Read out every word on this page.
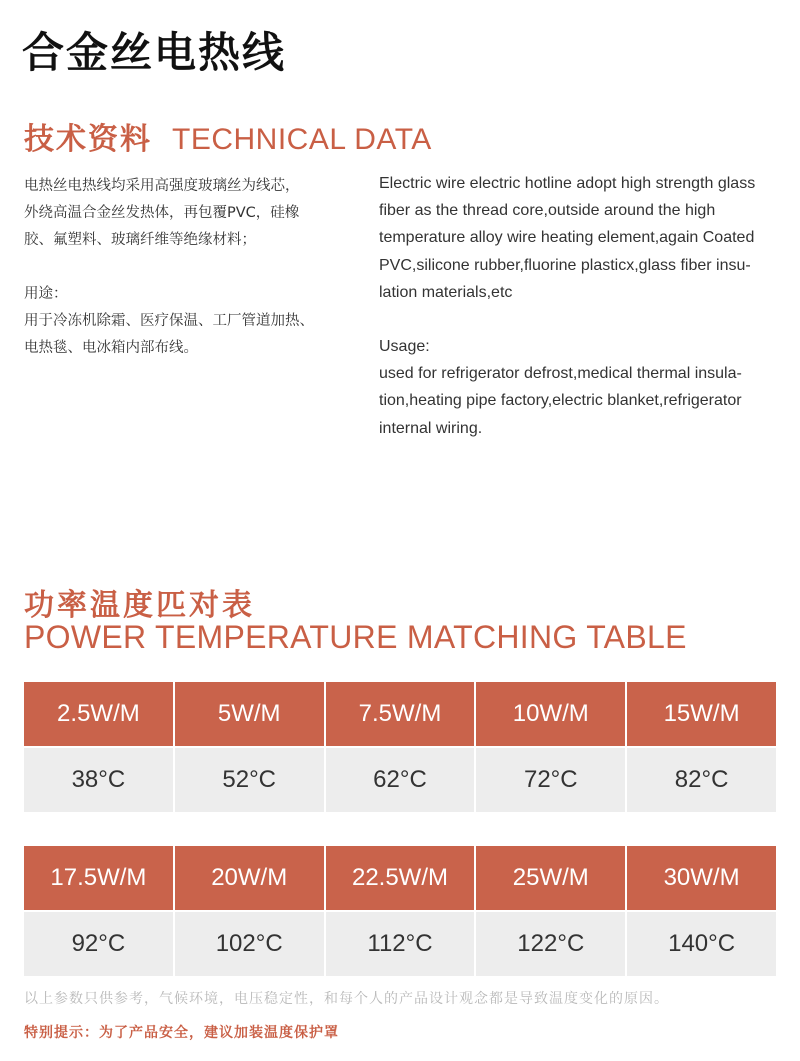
合金丝电热线
技术资料 TECHNICAL DATA

电热丝电热线均采用高强度玻璃丝为线芯，

外绕高温合金丝发热体，再包覆PVC，硅橡

胶、氟塑料、玻璃纤维等绝缘材料；

用途：

用于冷冻机除霜、医疗保温、工厂管道加热、

电热毯、电冰箱内部布线。

Electric wire electric hotline adopt high strength glass

fiber as the thread core,outside around the high

temperature alloy wire heating element,again Coated

PVC,silicone rubber,fluorine plasticx,glass fiber insu-

lation materials,etc

Usage:

used for refrigerator defrost,medical thermal insula-

tion,heating pipe factory,electric blanket,refrigerator

internal wiring.

功率温度匹对表
POWER TEMPERATURE MATCHING TABLE
2.5W/M	5W/M	7.5W/M	10W/M	15W/M
38°C	52°C	62°C	72°C	82°C
17.5W/M	20W/M	22.5W/M	25W/M	30W/M
92°C	102°C	112°C	122°C	140°C
以上参数只供参考，气候环境，电压稳定性，和每个人的产品设计观念都是导致温度变化的原因。
特别提示：为了产品安全，建议加装温度保护罩
